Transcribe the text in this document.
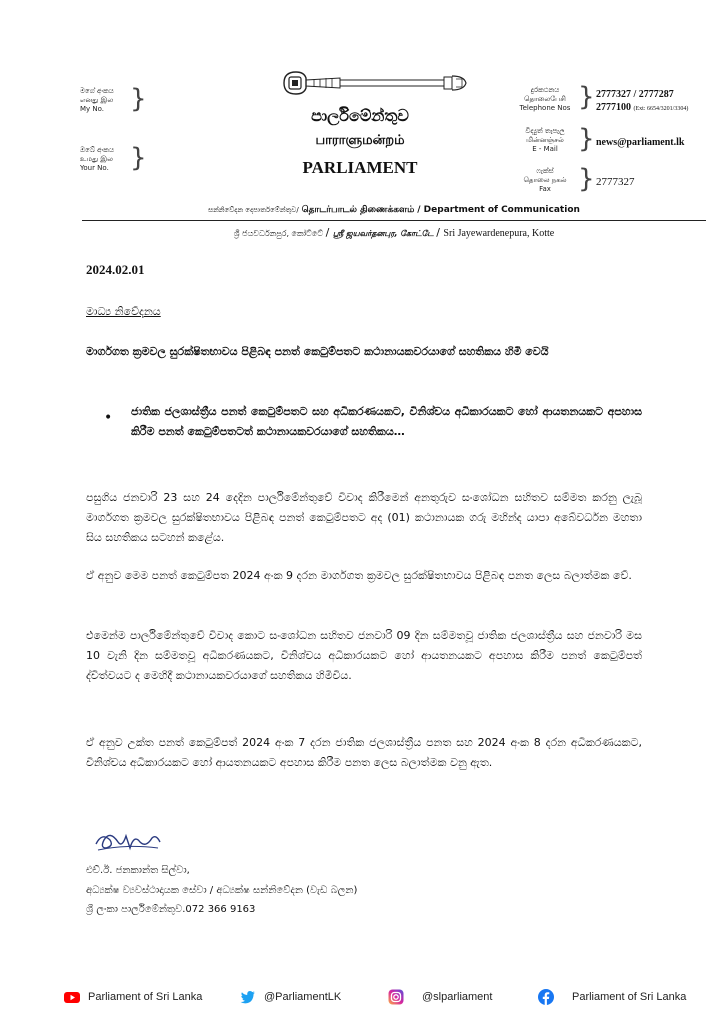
මගේ අංකය
எனது இல
My No. }
ඔබේ අංකය
உமது இல
Your No. }
පාර්ලිමේන්තුව
பாராளுமன்றம்
PARLIAMENT
දුරකථනය
தொலைபேசி
Telephone Nos } 2777327 / 2777287
2777100 (Ext: 6654/3201/3304)
විද්‍යුත් තැපැල
மின்னஞ்சல்
E - Mail } news@parliament.lk
ෆැක්ස්
தொலை நகல்
Fax	} 2777327
සන්නිවේදන දෙපාර්තමේන්තුව/ தொடர்பாடல் திணைக்களம் / Department of Communication
ශ්‍රී ජයවර්ධනපුර, කෝට්ටේ / ஸ்ரீ ஜயவர்தனபுர, கோட்டே / Sri Jayewardenepura, Kotte
2024.02.01
මාධ්‍ය නිවේදනය
මාර්ගගත ක්‍රමවල සුරක්ෂිතභාවය පිළිබඳ පනත් කෙටුම්පතට කථානායකවරයාගේ සහතිකය හිමි වෙයි
• ජාතික ජලශාස්ත්‍රීය පනත් කෙටුම්පතට සහ අධිකරණයකට, විනිශ්චය අධිකාරයකට හෝ ආයතනයකට අපහාස කිරීම පනත් කෙටුම්පතටත් කථානායකවරයාගේ සහතිකය…
පසුගිය ජනවාරි 23 සහ 24 දෙදින පාර්ලිමේන්තුවේ විවාද කිරීමෙන් අනතුරුව සංශෝධන සහිතව සම්මත කරනු ලැබූ මාර්ගගත ක්‍රමවල සුරක්ෂිතභාවය පිළිබඳ පනත් කෙටුම්පතට අද (01) කථානායක ගරු මහින්ද යාපා අබේවර්ධන මහතා සිය සහතිකය සටහන් කළේය.
ඒ අනුව මෙම පනත් කෙටුම්පත 2024 අංක 9 දරන මාර්ගගත ක්‍රමවල සුරක්ෂිතභාවය පිළිබඳ පනත ලෙස බලාත්මක වේ.
එමෙන්ම පාර්ලිමේන්තුවේ විවාද කොට සංශෝධන සහිතව ජනවාරි 09 දින සම්මතවූ ජාතික ජලශාස්ත්‍රීය සහ ජනවාරි මස 10 වැනි දින සම්මතවූ අධිකරණයකට, විනිශ්චය අධිකාරයකට හෝ ආයතනයකට අපහාස කිරීම පනත් කෙටුම්පත් ද්විත්වයට ද මෙහිදී කථානායකවරයාගේ සහතිකය හිමිවිය.
ඒ අනුව උක්ත පනත් කෙටුම්පත් 2024 අංක 7 දරන ජාතික ජලශාස්ත්‍රීය පනත සහ 2024 අංක 8 දරන අධිකරණයකට, විනිශ්චය අධිකාරයකට හෝ ආයතනයකට අපහාස කිරීම පනත ලෙස බලාත්මක වනු ඇත.
එච්.ඊ. ජනකාන්ත සිල්වා,
අධ්‍යක්ෂ ව්‍යවස්ථාදායක සේවා / අධ්‍යක්ෂ සන්නිවේදන (වැඩ බලන)
ශ්‍රී ලංකා පාර්ලිමේන්තුව.072 366 9163
Parliament of Sri Lanka	@ParliamentLK	@slparliament	Parliament of Sri Lanka
